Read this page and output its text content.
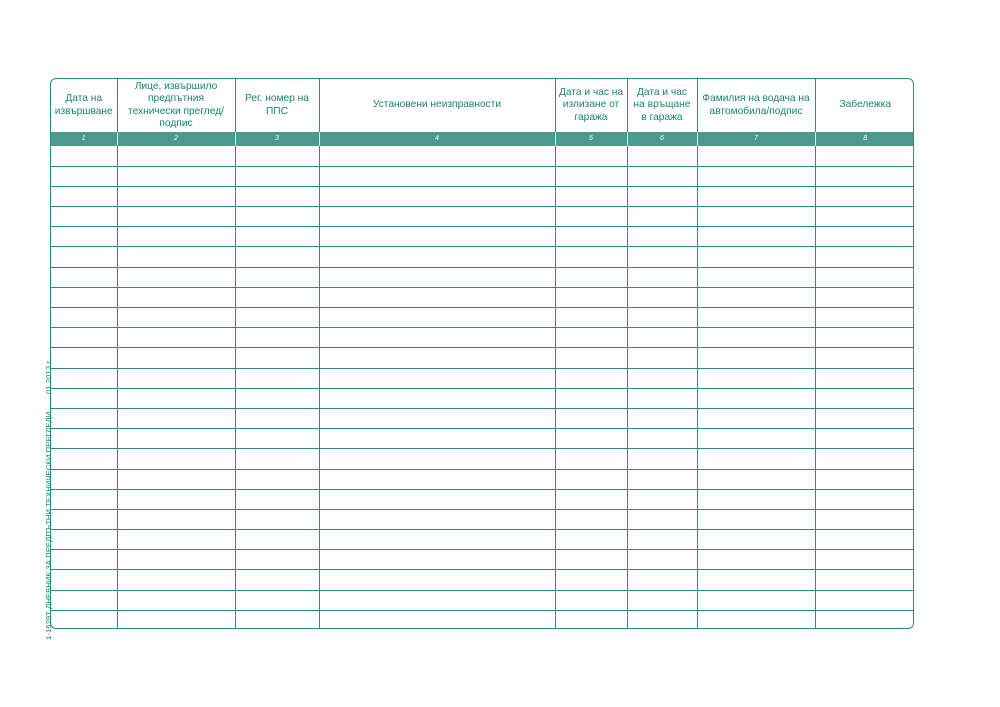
Дата на извършване	Лице, извършило предпътния технически преглед/подпис	Рег. номер на ППС	Установени неизправности	Дата и час на излизане от гаража	Дата и час на връщане в гаража	Фамилия на водача на автомобила/подпис	Забележка
1	2	3	4	5	6	7	8

01.2013 г.
1-1629Т ДНЕВНИК ЗА ПРЕДПЪТНИ ТЕХНИЧЕСКИ ПРЕГЛЕДИ
